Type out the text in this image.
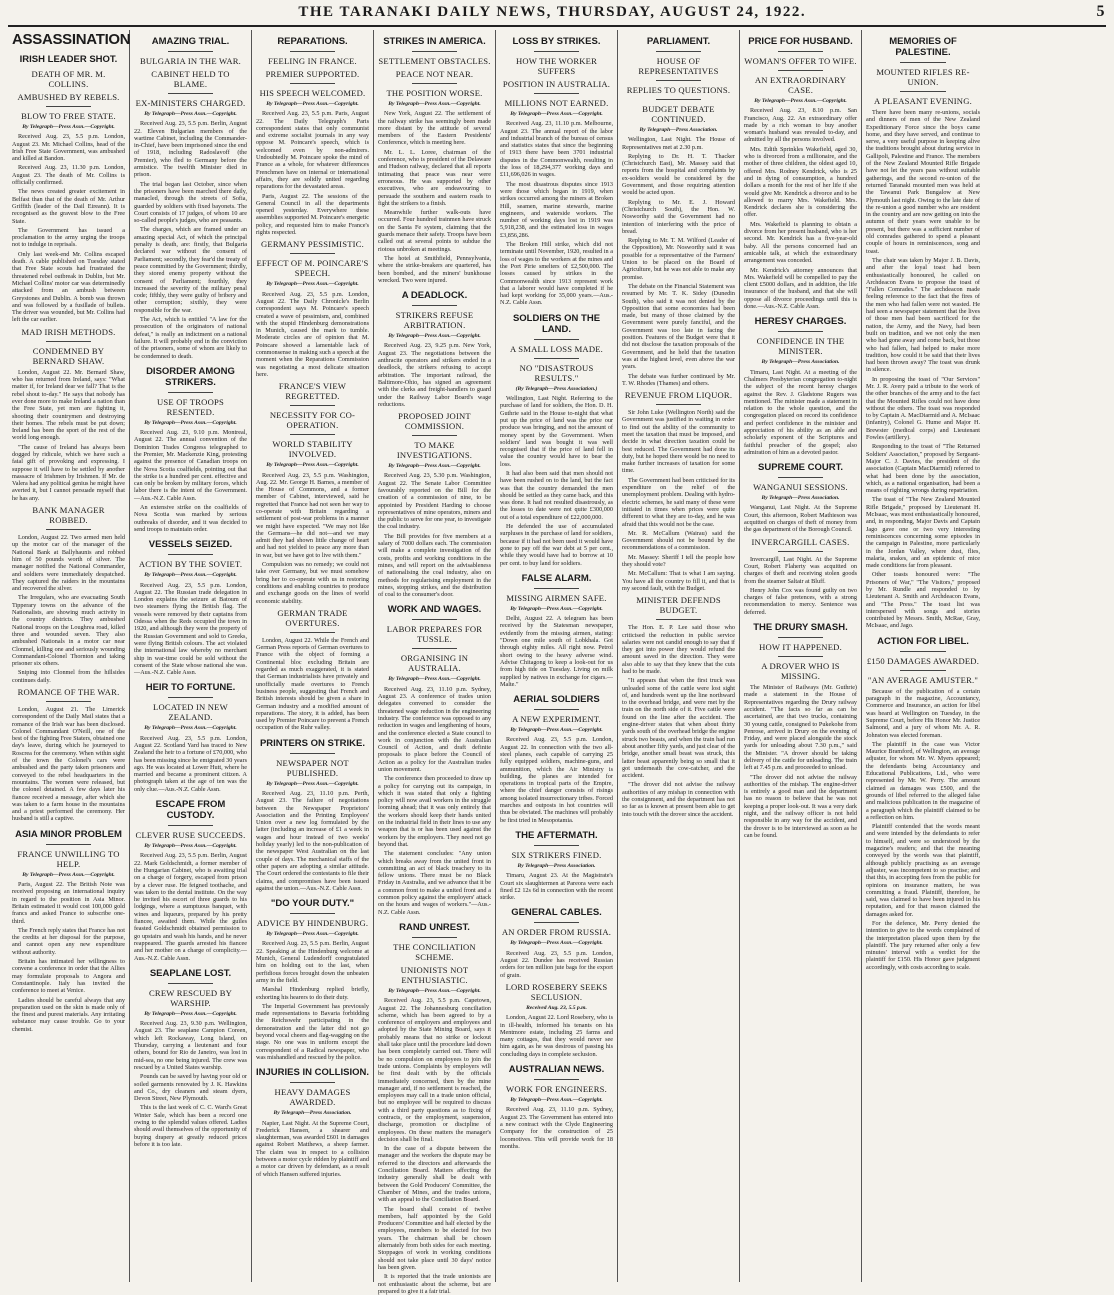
THE TARANAKI DAILY NEWS, THURSDAY, AUGUST 24, 1922.	5
ASSASSINATION
IRISH LEADER SHOT.
DEATH OF MR. M. COLLINS.
AMBUSHED BY REBELS.
BLOW TO FREE STATE.
By Telegraph—Press Assn.—Copyright.

Received Aug. 23, 5.5 p.m. London, August 23. Mr. Michael Collins, head of the Irish Free State Government, was ambushed and killed at Bandon.

Received Aug. 23, 11.30 p.m. London, August 23. The death of Mr. Collins is officially confirmed.

The news created greater excitement in Belfast than that of the death of Mr. Arthur Griffith (leader of the Dail Eireann). It is recognised as the gravest blow to the Free State.

The Government has issued a proclamation to the army urging the troops not to indulge in reprisals.

Only last week-end Mr. Collins escaped death. A cable published on Tuesday stated that Free State scouts had frustrated the threatened rebel outbreak in Dublin, but Mr. Michael Collins' motor car was determinedly attacked from an ambush between Greystones and Dublin. A bomb was thrown and was followed by a fusillade of bullets. The driver was wounded, but Mr. Collins had left the car earlier.

MAD IRISH METHODS.
CONDEMNED BY BERNARD SHAW.

London, August 22. Mr. Bernard Shaw, who has returned from Ireland, says: "What matter if, for Ireland dear we fall? That is the rebel shout to-day." He says that nobody has ever done more to make Ireland a nation than the Free State, yet men are fighting it, shooting their countrymen and destroying their homes. The rebels must be put down; Ireland has been the sport of the rest of the world long enough.

"The cause of Ireland has always been dogged by ridicule, which we have such a fatal gift of provoking and expressing. I suppose it will have to be settled by another massacre of Irishmen by Irishmen. If Mr. de Valera had any political genius he might have averted it, but I cannot persuade myself that he has any.

BANK MANAGER ROBBED.

London, August 22. Two armed men held up the motor car of the manager of the National Bank at Ballyhaunis and robbed him of 50 pounds worth of silver. The manager notified the National Commander, and soldiers were immediately despatched. They captured the raiders in the mountains and recovered the silver.

The Irregulars, who are evacuating South Tipperary towns on the advance of the Nationalists, are showing much activity in the country districts. They ambushed National troops on the Loughrea road, killed three and wounded seven. They also ambushed Nationals in a motor car near Clonmel, killing one and seriously wounding Commandant-Colonel Thornton and taking prisoner six others.

Sniping into Clonmel from the hillsides continues daily.

ROMANCE OF THE WAR.

London, August 21. The Limerick correspondent of the Daily Mail states that a romance of the Irish war has been disclosed. Colonel Commandant O'Neill, one of the best of the fighting Free Staters, obtained one day's leave, during which he journeyed to Roscrea for the ceremony. When within sight of the town the Colonel's cars were ambushed and the party taken prisoners and conveyed to the rebel headquarters in the mountains. The women were released, but the colonel detained. A few days later his fiancee received a message, after which she was taken to a farm house in the mountains and a priest performed the ceremony. Her husband is still a captive.

ASIA MINOR PROBLEM
FRANCE UNWILLING TO HELP.
By Telegraph—Press Assn.—Copyright.

Paris, August 22. The British Note was received proposing an international inquiry in regard to the position in Asia Minor. Britain estimated it would cost 100,000 gold francs and asked France to subscribe one-third.

The French reply states that France has not the credits at her disposal for the purpose, and cannot open any new expenditure without authority.

Britain has intimated her willingness to convene a conference in order that the Allies may formulate proposals to Angora and Constantinople. Italy has invited the conference to meet at Venice.

Ladies should be careful always that any preparation used on the skin is made only of the finest and purest materials. Any irritating substance may cause trouble. Go to your chemist.

AMAZING TRIAL.
BULGARIA IN THE WAR.
CABINET HELD TO BLAME.
EX-MINISTERS CHARGED.
By Telegraph—Press Assn.—Copyright.

Received Aug. 23, 5.5 p.m. Berlin, August 22. Eleven Bulgarian members of the wartime Cabinet, including the Commander-in-Chief, have been imprisoned since the end of 1918, including Radoslavoff (the Premier), who fled to Germany before the armistice. The twelfth Minister died in prison.

The trial began last October, since when the prisoners have been marched there daily, manacled, through the streets of Sofia, guarded by soldiers with fixed bayonets. The Court consists of 17 judges, of whom 10 are so-called people's judges, who are peasants.

The charges, which are framed under an amazing special Act, of which the principal penalty is death, are: firstly, that Bulgaria declared war without the consent of Parliament; secondly, they fear'd the treaty of peace committed by the Government; thirdly, they stored enemy property without the consent of Parliament; fourthly, they increased the severity of the military penal code; fifthly, they were guilty of bribery and other corruption; sixthly, they were responsible for the war.

The Act, which is entitled "A law for the prosecution of the originators of national defeat," is really an indictment on a national failure. It will probably end in the conviction of the prisoners, some of whom are likely to be condemned to death.

DISORDER AMONG STRIKERS.
USE OF TROOPS RESENTED.
By Telegraph—Press Assn.—Copyright.

Received Aug. 23, 9.10 p.m. Montreal, August 22. The annual convention of the Dominion Trades Congress telegraphed to the Premier, Mr. Mackenzie King, protesting against the presence of Canadian troops on the Nova Scotia coalfields, pointing out that the strike is a hundred per cent. effective and can only be broken by military forces, which labor there is the intent of the Government.—Aus.-N.Z. Cable Assn.

An extensive strike on the coalfields of Nova Scotia was marked by serious outbreaks of disorder, and it was decided to send troops to maintain order.

VESSELS SEIZED.
ACTION BY THE SOVIET.
By Telegraph—Press Assn.—Copyright.

Received Aug. 23, 5.5 p.m. London, August 22. The Russian trade delegation in London explains the seizure at Batoum of two steamers flying the British flag. The vessels were removed by their captains from Odessa when the Reds occupied the town in 1920, and although they were the property of the Russian Government and sold to Greeks, were flying British colours. The act violated the international law whereby no merchant ship in war-time could be sold without the consent of the State whose national she was.—Aus.-N.Z. Cable Assn.

HEIR TO FORTUNE.
LOCATED IN NEW ZEALAND.
By Telegraph—Press Assn.—Copyright.

Received Aug. 23, 5.5 p.m. London, August 22. Scotland Yard has traced to New Zealand the heir to a fortune of £70,000, who has been missing since he emigrated 30 years ago. He was located at Lower Hutt, where he married and became a prominent citizen. A photograph taken at the age of ten was the only clue.—Aus.-N.Z. Cable Assn.

ESCAPE FROM CUSTODY.
CLEVER RUSE SUCCEEDS.
By Telegraph—Press Assn.—Copyright.

Received Aug. 23, 5.5 p.m. Berlin, August 22. Mark Goldschmidt, a former member of the Hungarian Cabinet, who is awaiting trial on a charge of forgery, escaped from prison by a clever ruse. He feigned toothache, and was taken to the dental institute. On the way he invited his escort of three guards to his lodgings, where a sumptuous banquet, with wines and liqueurs, prepared by his pretty fiancee, awaited them. While the guiles feasted Goldschmidt obtained permission to go upstairs and wash his hands, and he never reappeared. The guards arrested his fiancee and her mother on a charge of complicity.—Aus.-N.Z. Cable Assn.

SEAPLANE LOST.
CREW RESCUED BY WARSHIP.
By Telegraph—Press Assn.—Copyright.

Received Aug. 23, 9.30 p.m. Wellington, August 23. The seaplane Campion Coreen, which left Rockaway, Long Island, on Thursday, carrying a lieutenant and four others, bound for Rio de Janeiro, was lost in mid-sea, no one being injured. The crew was rescued by a United States warship.

Pounds can be saved by having your old or soiled garments renovated by J. K. Hawkins and Co., dry cleaners and steam dyers, Devon Street, New Plymouth.

This is the last week of C. C. Ward's Great Winter Sale, which has been a record one owing to the splendid values offered. Ladies should avail themselves of the opportunity of buying drapery at greatly reduced prices before it is too late.

REPARATIONS.
FEELING IN FRANCE.
PREMIER SUPPORTED.
HIS SPEECH WELCOMED.
By Telegraph—Press Assn.—Copyright.

Received Aug. 23, 5.5 p.m. Paris, August 22. The Daily Telegraph's Paris correspondent states that only communist and extreme socialist journals in any way oppose M. Poincare's speech, which is welcomed even by non-admirers. Undoubtedly M. Poincare spoke the mind of France as a whole, for whatever differences Frenchmen have on internal or international affairs, they are solidly united regarding reparations for the devastated areas.

Paris, August 22. The sessions of the General Council in all the departments opened yesterday. Everywhere these assemblies supported M. Poincare's energetic policy, and requested him to make France's rights respected.

GERMANY PESSIMISTIC.
EFFECT OF M. POINCARE'S SPEECH.
By Telegraph—Press Assn.—Copyright.

Received Aug. 23, 5.5 p.m. London, August 22. The Daily Chronicle's Berlin correspondent says M. Poincare's speech created a wave of pessimism, and, combined with the stupid Hindenburg demonstrations in Munich, caused the mark to tumble. Moderate circles are of opinion that M. Poincare showed a lamentable lack of commonsense in making such a speech at the moment when the Reparations Commission was negotiating a most delicate situation here.

FRANCE'S VIEW REGRETTED.
NECESSITY FOR CO-OPERATION.
WORLD STABILITY INVOLVED.
By Telegraph—Press Assn.—Copyright.

Received Aug. 23, 5.5 p.m. Washington, Aug. 22. Mr. George H. Barnes, a member of the House of Commons, and a former member of Cabinet, interviewed, said he regretted that France had not seen her way to co-operate with Britain regarding a settlement of post-war problems in a manner we might have expected. "We may not like the Germans—he did not—and we may admit they had shown little change of heart and had not yielded to peace any more than in war, but we have got to live with them."

Compulsion was no remedy; we could not take over Germany, but we must somehow bring her to co-operate with us in restoring conditions and enabling countries to produce and exchange goods on the lines of world economic stability.

GERMAN TRADE OVERTURES.

London, August 22. While the French and German Press reports of German overtures to France with the object of forming a Continental bloc excluding Britain are regarded as much exaggerated, it is stated that German industrialists have privately and unofficially made overtures to French business people, suggesting that French and British interests should be given a share in German industry and a modified amount of reparations. The story, it is added, has been used by Premier Poincare to prevent a French occupation of the Ruhr valley.

PRINTERS ON STRIKE.
NEWSPAPER NOT PUBLISHED.
By Telegraph—Press Assn.—Copyright.

Received Aug. 23, 11.10 p.m. Perth, August 23. The failure of negotiations between the Newspaper Proprietors' Association and the Printing Employees' Union over a new log formulated by the latter (including an increase of £1 a week in wages and hour instead of two weeks' holiday yearly) led to the non-publication of the newspaper West Australian on the last couple of days. The mechanical staffs of the other papers are adopting a similar attitude. The Court ordered the contestants to file their claims, and compromises have been issued against the union.—Aus.-N.Z. Cable Assn.

"DO YOUR DUTY."
ADVICE BY HINDENBURG.
By Telegraph—Press Assn.—Copyright.

Received Aug. 23, 5.5 p.m. Berlin, August 22. Speaking at the Hindenburg welcome at Munich, General Ludendorff congratulated him on holding out to the last, when perfidious forces brought down the unbeaten army in the field.

Marshal Hindenburg replied briefly, exhorting his hearers to do their duty.

The Imperial Government has previously made representations to Bavaria forbidding the Reichswehr participating in the demonstration and the latter did not go beyond vocal cheers and flag-wagging on the stage. No one was in uniform except the correspondent of a Radical newspaper, who was mishandled and rescued by the police.

INJURIES IN COLLISION.
HEAVY DAMAGES AWARDED.
By Telegraph—Press Association.

Napier, Last Night. At the Supreme Court, Frederick Hansen, a shearer and slaughterman, was awarded £601 in damages against Robert Matthews, a sheep farmer. The claim was in respect to a collision between a motor cycle ridden by plaintiff and a motor car driven by defendant, as a result of which Hansen suffered injuries.

STRIKES IN AMERICA.
SETTLEMENT OBSTACLES.
PEACE NOT NEAR.
THE POSITION WORSE.
By Telegraph—Press Assn.—Copyright.

New York, August 22. The settlement of the railway strike has seemingly been made more distant by the attitude of several members of the Eastern Presidents' Conference, which is meeting here.

Mr. L. L. Loree, chairman of the conference, who is president of the Delaware and Hudson railway, declared that all reports intimating that peace was near were erroneous. He was supported by other executives, who are endeavouring to persuade the southern and eastern roads to fight the strikers to a finish.

Meanwhile further walk-outs have occurred. Four hundred trainmen have struck on the Santa Fe system, claiming that the guards menace their safety. Troops have been called out at several points to subdue the riotous unbroken at meetings.

The hotel at Smithfield, Pennsylvania, where the strike-breakers are quartered, has been bombed, and the miners' bunkhouse wrecked. Two were injured.

A DEADLOCK.
STRIKERS REFUSE ARBITRATION.
By Telegraph—Press Assn.—Copyright.

Received Aug. 23, 9.25 p.m. New York, August 23. The negotiations between the anthracite operators and strikers ended in a deadlock, the strikers refusing to accept arbitration. The important railroad, the Baltimore-Ohio, has signed an agreement with the clerks and freight-handlers to guard under the Railway Labor Board's wage reductions.

PROPOSED JOINT COMMISSION.
TO MAKE INVESTIGATIONS.
By Telegraph—Press Assn.—Copyright.

Received Aug. 23, 5.30 p.m. Washington, August 22. The Senate Labor Committee favourably reported on the Bill for the creation of a commission of nine, to be appointed by President Harding to choose representatives of mine operators, miners and the public to serve for one year, to investigate the coal industry.

The Bill provides for five members at a salary of 7000 dollars each. The commission will make a complete investigation of the costs, profits and working conditions in the mines, and will report on the advisableness of nationalising the coal industry, also on methods for regularising employment in the mines, stopping strikes, and the distribution of coal to the consumer's door.

WORK AND WAGES.
LABOR PREPARES FOR TUSSLE.
ORGANISING IN AUSTRALIA.
By Telegraph—Press Assn.—Copyright.

Received Aug. 23, 11.10 p.m. Sydney, August 23. A conference of trades union delegates convened to consider the threatened wage reduction in the engineering industry. The conference was opposed to any reduction in wages and lengthening of hours, and the conference elected a State council to work in conjunction with the Australian Council of Action, and draft definite proposals to place before the Council of Action as a policy for the Australian trades union movement.

The conference then proceeded to draw up a policy for carrying out its campaign, in which it was stated that only a fighting policy will now avail workers in the struggle looming ahead; that it was only entirely that the workers should keep their hands united on the industrial field in their lines to use any weapon that is or has been used against the workers by the employers. They need not go beyond that.

The statement concludes: "Any union which breaks away from the united front in committing an act of black treachery to its fellow unions. There must be no Black Friday in Australia, and we advance that it be a common front to make a united front and a common policy against the employers' attack on the hours and wages of workers."—Aus.-N.Z. Cable Assn.

RAND UNREST.
THE CONCILIATION SCHEME.
UNIONISTS NOT ENTHUSIASTIC.
By Telegraph—Press Assn.—Copyright.

Received Aug. 23, 5.5 p.m. Capetown, August 22. The Johannesburg conciliation scheme, which has been agreed to by a conference of employers and employees and adopted by the State Mining Board, says it probably means that no strike or lockout shall take place until the procedure laid down has been completely carried out. There will be no compulsion on employees to join the trade unions. Complaints by employers will be first dealt with by the officials immediately concerned, then by the mine manager and, if no settlement is reached, the employees may call in a trade union official, but no employee will be required to discuss with a third party questions as to fixing of contracts, or the employment, suspension, discharge, promotion or discipline of employees. On these matters the manager's decision shall be final.

In the case of a dispute between the manager and the workers the dispute may be referred to the directors and afterwards the Conciliation Board. Matters affecting the industry generally shall be dealt with between the Gold Producers' Committee, the Chamber of Mines, and the trades unions, with an appeal to the Conciliation Board.

The board shall consist of twelve members, half appointed by the Gold Producers' Committee and half elected by the employees, members to be elected for two years. The chairman shall be chosen alternately from both sides for each meeting. Stoppages of work in working conditions should not take place until 30 days' notice has been given.

It is reported that the trade unionists are not enthusiastic about the scheme, but are prepared to give it a fair trial.

LOSS BY STRIKES.
HOW THE WORKER SUFFERS
POSITION IN AUSTRALIA.
MILLIONS NOT EARNED.
By Telegraph—Press Assn.—Copyright.

Received Aug. 23, 11.10 p.m. Melbourne, August 23. The annual report of the labor and industrial branch of the bureau of census and statistics states that since the beginning of 1913 there have been 3701 industrial disputes in the Commonwealth, resulting in the loss of 18,294,377 working days and £11,696,026 in wages.

The most disastrous disputes since 1913 were those which began in 1919, when strikes occurred among the miners at Broken Hill, seamen, marine stewards, marine engineers, and waterside workers. The number of working days lost in 1919 was 5,918,238, and the estimated loss in wages £3,856,286.

The Broken Hill strike, which did not terminate until November, 1920, resulted in a loss of wages to the workers at the mines and the Port Pirie smelters of £2,500,000. The losses caused by strikes in the Commonwealth since 1913 represent work that a laborer would have completed if he had kept working for 35,000 years.—Aus.-N.Z. Cable Assn.

SOLDIERS ON THE LAND.
A SMALL LOSS MADE.
NO "DISASTROUS RESULTS."
(By Telegraph—Press Association.)

Wellington, Last Night. Referring to the purchase of land for soldiers, the Hon. D. H. Guthrie said in the House to-night that what put up the price of land was the price our produce was bringing, and not the amount of money spent by the Government. When soldiers' land was bought it was well recognised that if the price of land fell in value the country would have to bear the loss.

It had also been said that men should not have been rushed on to the land, but the fact was that the country demanded the men should be settled as they came back, and this was done. It had not resulted disastrously, as the losses to date were not quite £300,000 out of a total expenditure of £22,000,000.

He defended the use of accumulated surpluses in the purchase of land for soldiers, because if it had not been used it would have gone to pay off the war debt at 5 per cent., while they would have had to borrow at 10 per cent. to buy land for soldiers.

FALSE ALARM.
MISSING AIRMEN SAFE.
By Telegraph—Press Assn.—Copyright.

Delhi, August 22. A telegram has been received by the Statesman newspaper, evidently from the missing airmen, stating: "Down one mile south of Lobkhala. Got through eighty miles. All right now. Petrol short owing to the heavy adverse wind. Advise Chitagong to keep a look-out for us from high tide on Tuesday. Living on milk supplied by natives in exchange for cigars.—Malte."

AERIAL SOLDIERS
A NEW EXPERIMENT.
By Telegraph—Press Assn.—Copyright.

Received Aug. 23, 5.5 p.m. London, August 22. In connection with the two all-steel planes, each capable of carrying 25 fully equipped soldiers, machine-guns, and ammunition, which the Air Ministry is building, the planes are intended for operations in tropical parts of the Empire, where the chief danger consists of risings among isolated insurrectionary tribes. Forced marches and outposts in hot countries will thus be obviated. The machines will probably be first tried in Mesopotamia.

THE AFTERMATH.
SIX STRIKERS FINED.
By Telegraph—Press Association.

Timaru, August 23. At the Magistrate's Court six slaughtermen at Pareora were each fined £2 12s 6d in connection with the recent strike.

GENERAL CABLES.
AN ORDER FROM RUSSIA.
By Telegraph—Press Assn.—Copyright.

Received Aug. 23, 5.5 p.m. London, August 22. Dundee has received Russian orders for ten million jute bags for the export of grain.

LORD ROSEBERY SEEKS SECLUSION.
Received Aug. 23, 5.5 p.m.

London, August 22. Lord Rosebery, who is in ill-health, informed his tenants on his Mentmore estate, including 25 farms and many cottages, that they would never see him again, as he was desirous of passing his concluding days in complete seclusion.

AUSTRALIAN NEWS.
WORK FOR ENGINEERS.
By Telegraph—Press Assn.—Copyright.

Received Aug. 23, 11.10 p.m. Sydney, August 23. The Government has entered into a new contract with the Clyde Engineering Company for the construction of 25 locomotives. This will provide work for 18 months.

PARLIAMENT.
HOUSE OF REPRESENTATIVES
REPLIES TO QUESTIONS.
BUDGET DEBATE CONTINUED.
By Telegraph—Press Association.

Wellington, Last Night. The House of Representatives met at 2.30 p.m.

Replying to Dr. H. T. Thacker (Christchurch East), Mr. Massey said that reports from the hospital and complaints by ex-soldiers would be considered by the Government, and those requiring attention would be acted upon.

Replying to Mr. E. J. Howard (Christchurch South), the Hon. W. Nosworthy said the Government had no intention of interfering with the price of bread.

Replying to Mr. T. M. Wilford (Leader of the Opposition), Mr. Nosworthy said it was possible for a representative of the Farmers' Union to be placed on the Board of Agriculture, but he was not able to make any promise.

The debate on the Financial Statement was resumed by Mr. T. K. Sidey (Dunedin South), who said it was not denied by the Opposition that some economies had been made, but many of those claimed by the Government were purely fanciful, and the Government was too late in facing the position. Features of the Budget were that it did not disclose the taxation proposals of the Government, and he held that the taxation was at the highest level, even above the war years.

The debate was further continued by Mr. T. W. Rhodes (Thames) and others.

REVENUE FROM LIQUOR.

Sir John Luke (Wellington North) said the Government was justified in waiting in order to find out the ability of the community to meet the taxation that must be imposed, and decide in what direction taxation could be best reduced. The Government had done its duty, but he hoped there would be no need to make further increases of taxation for some time.

The Government had been criticised for its expenditure on the relief of the unemployment problem. Dealing with hydro-electric schemes, he said many of these were initiated in times when prices were quite different to what they are to-day, and he was afraid that this would not be the case.

Mr. R. McCallum (Wairau) said the Government should not be bound by the recommendations of a commission.

Mr. Massey: Sheriff I tell the people how they should vote?

Mr. McCallum: That is what I am saying. You have all the country to fill it, and that is my second fault, with the Budget.

MINISTER DEFENDS BUDGET.

The Hon. E. P. Lee said those who criticised the reduction in public service salaries were not candid enough to say that if they got into power they would refund the amount saved in the direction. They were also able to say that they knew that the cuts had to be made.

"It appears that when the first truck was unloaded some of the cattle were lost sight of, and hundreds went up the line northward to the overhead bridge, and were met by the train on the north side of it. Five cattle were found on the line after the accident. The engine-driver states that when about thirty yards south of the overhead bridge the engine struck two beasts, and when the train had run about another fifty yards, and just clear of the bridge, another small beast was struck, this latter beast apparently being so small that it got underneath the cow-catcher, and the accident.

"The drover did not advise the railway authorities of any mishap in connection with the consignment, and the department has not so far as is known at present been able to get into touch with the drover since the accident.

PRICE FOR HUSBAND.
WOMAN'S OFFER TO WIFE.
AN EXTRAORDINARY CASE.
By Telegraph—Press Assn.—Copyright.

Received Aug. 23, 8.10 p.m. San Francisco, Aug. 22. An extraordinary offer made by a rich woman to buy another woman's husband was revealed to-day, and admitted by all the persons involved.

Mrs. Edith Sprinkles Wakefield, aged 30, who is divorced from a millionaire, and the mother of three children, the oldest aged 10, offered Mrs. Rodney Kendrick, who is 25 and in dying of consumption, a hundred dollars a month for the rest of her life if she would give Mr. Kendrick a divorce and to be allowed to marry Mrs. Wakefield. Mrs. Kendrick declares she is considering the offer.

Mrs. Wakefield is planning to obtain a divorce from her present husband, who is her second. Mr. Kendrick has a five-year-old baby. All the persons concerned had an amicable talk, at which the extraordinary arrangement was conceded.

Mr. Kendrick's attorney announces that Mrs. Wakefield will be compelled to pay the client £5000 dollars, and in addition, the life insurance of the husband, and that she will oppose all divorce proceedings until this is done.—Aus.-N.Z. Cable Assn.

HERESY CHARGES.
CONFIDENCE IN THE MINISTER.
By Telegraph—Press Association.

Timaru, Last Night. At a meeting of the Chalmers Presbyterian congregation to-night the subject of the recent heresy charges against the Rev. J. Gladstone Rugers was mentioned. The minister made a statement in relation to the whole question, and the congregation placed on record its confidence and perfect confidence in the minister and appreciation of his ability as an able and scholarly exponent of the Scriptures and faithful preacher of the gospel; also admiration of him as a devoted pastor.

SUPREME COURT.
WANGANUI SESSIONS.
By Telegraph—Press Association.

Wanganui, Last Night. At the Supreme Court, this afternoon, Robert Mathieson was acquitted on charges of theft of money from the gas department of the Borough Council.

INVERCARGILL CASES.

Invercargill, Last Night. At the Supreme Court, Robert Flaherty was acquitted on charges of theft and receiving stolen goods from the steamer Saltair at Bluff.

Henry John Cox was found guilty on two charges of false pretences, with a strong recommendation to mercy. Sentence was deferred.

THE DRURY SMASH.
HOW IT HAPPENED.
A DROVER WHO IS MISSING.

The Minister of Railways (Mr. Guthrie) made a statement in the House of Representatives regarding the Drury railway accident. "The facts so far as can be ascertained, are that two trucks, containing 30 young cattle, consigned to Pukekohe from Penrose, arrived in Drury on the evening of Friday, and were placed alongside the stock yards for unloading about 7.30 p.m.," said the Minister. "A drover should be taking delivery of the cattle for unloading. The train left at 7.45 p.m. and proceeded to unload.

"The drover did not advise the railway authorities of the mishap. The engine-driver is entirely a good man and the department has no reason to believe that he was not keeping a proper look-out. It was a very dark night, and the railway officer is not held responsible in any way for the accident, and the drover is to be interviewed as soon as he can be found.

MEMORIES OF PALESTINE.
MOUNTED RIFLES RE-UNION.
A PLEASANT EVENING.

There have been many re-unions, socials and dinners of men of the New Zealand Expeditionary Force since the boys came home, and they have served, and continue to serve, a very useful purpose in keeping alive the traditions brought about during service in Gallipoli, Palestine and France. The members of the New Zealand Mounted Rifle Brigade have not let the years pass without suitable gatherings, and the second re-union of the returned Taranaki mounted men was held at the Tawanui Park Bungalow at New Plymouth last night. Owing to the late date of the re-union a good number who are resident in the country and are now getting on into the autumn of their years were unable to be present, but there was a sufficient number of old comrades gathered to spend a pleasant couple of hours in reminiscences, song and toast.

The chair was taken by Major J. B. Davis, and after the loyal toast had been enthusiastically honoured, he called on Archdeacon Evans to propose the toast of "Fallen Comrades." The archdeacon made feeling reference to the fact that the fires of the men who had fallen were not wasted. He had seen a newspaper statement that the lives of those men had been sacrificed for the nation, the Army, and the Navy, had been built on tradition, and we not only the men who had gone away and come back, but those who had fallen, had helped to make more tradition, how could it be said that their lives had been thrown away? The toast was drunk in silence.

In proposing the toast of "Our Services" Mr. J. R. Avery paid a tribute to the work of the other branches of the army and to the fact that the Mounted Rifles could not have done without the others. The toast was responded to by Captain A. MacDiarmid and A. McIsaac (infantry), Colonel G. Hume and Major H. Brewster (medical corps) and Lieutenant Fowles (artillery).

Responding to the toast of "The Returned Soldiers' Association," proposed by Sergeant-Major C. J. Davies, the president of the association (Captain MacDiarmid) referred to what had been done by the association, which, as a national organisation, had been a means of righting wrongs during repatriation.

The toast of "The New Zealand Mounted Rifle Brigade," proposed by Lieutenant H. McIsaac, was most enthusiastically honoured, and, in responding, Major Davis and Captain Jago gave one or two very interesting reminiscences concerning some episodes in the campaign in Palestine, more particularly in the Jordan Valley, where dust, flies, malaria, snakes, and an epidemic of mice made conditions far from pleasant.

Other toasts honoured were: "The Prisoners of War," "The Visitors," proposed by Mr. Rundle and responded to by Lieutenant A. Smith and Archdeacon Evans, and "The Press." The toast list was interspersed with songs and stories contributed by Messrs. Smith, McRae, Gray, McIsaac, and Jago.

ACTION FOR LIBEL.
£150 DAMAGES AWARDED.
"AN AVERAGE AMUSTER."

Because of the publication of a certain paragraph in the magazine, Accountancy, Commerce and Insurance, an action for libel was heard at Wellington on Tuesday, in the Supreme Court, before His Honor Mr. Justice Salmond, and a jury of whom Mr. A. R. Johnston was elected foreman.

The plaintiff in the case was Victor Maurice Bramford, of Wellington, an average adjuster, for whom Mr. W. Myers appeared; the defendants being Accountancy and Educational Publications, Ltd., who were represented by Mr. W. Perry. The amount claimed as damages was £500, and the grounds of libel referred to the alleged false and malicious publication in the magazine of a paragraph which the plaintiff claimed to be a reflection on him.

Plaintiff contended that the words meant and were intended by the defendants to refer to himself, and were so understood by the magazine's readers; and that the meaning conveyed by the words was that plaintiff, although publicly practising as an average adjuster, was incompetent to so practise; and that this, in accepting fees from the public for opinions on insurance matters, he was committing a fraud. Plaintiff, therefore, he said, was claimed to have been injured in his reputation, and for that reason claimed the damages asked for.

For the defence, Mr. Perry denied the intention to give to the words complained of the interpretation placed upon them by the plaintiff. The jury returned after only a few minutes' interval with a verdict for the plaintiff for £150. His Honor gave judgment accordingly, with costs according to scale.
